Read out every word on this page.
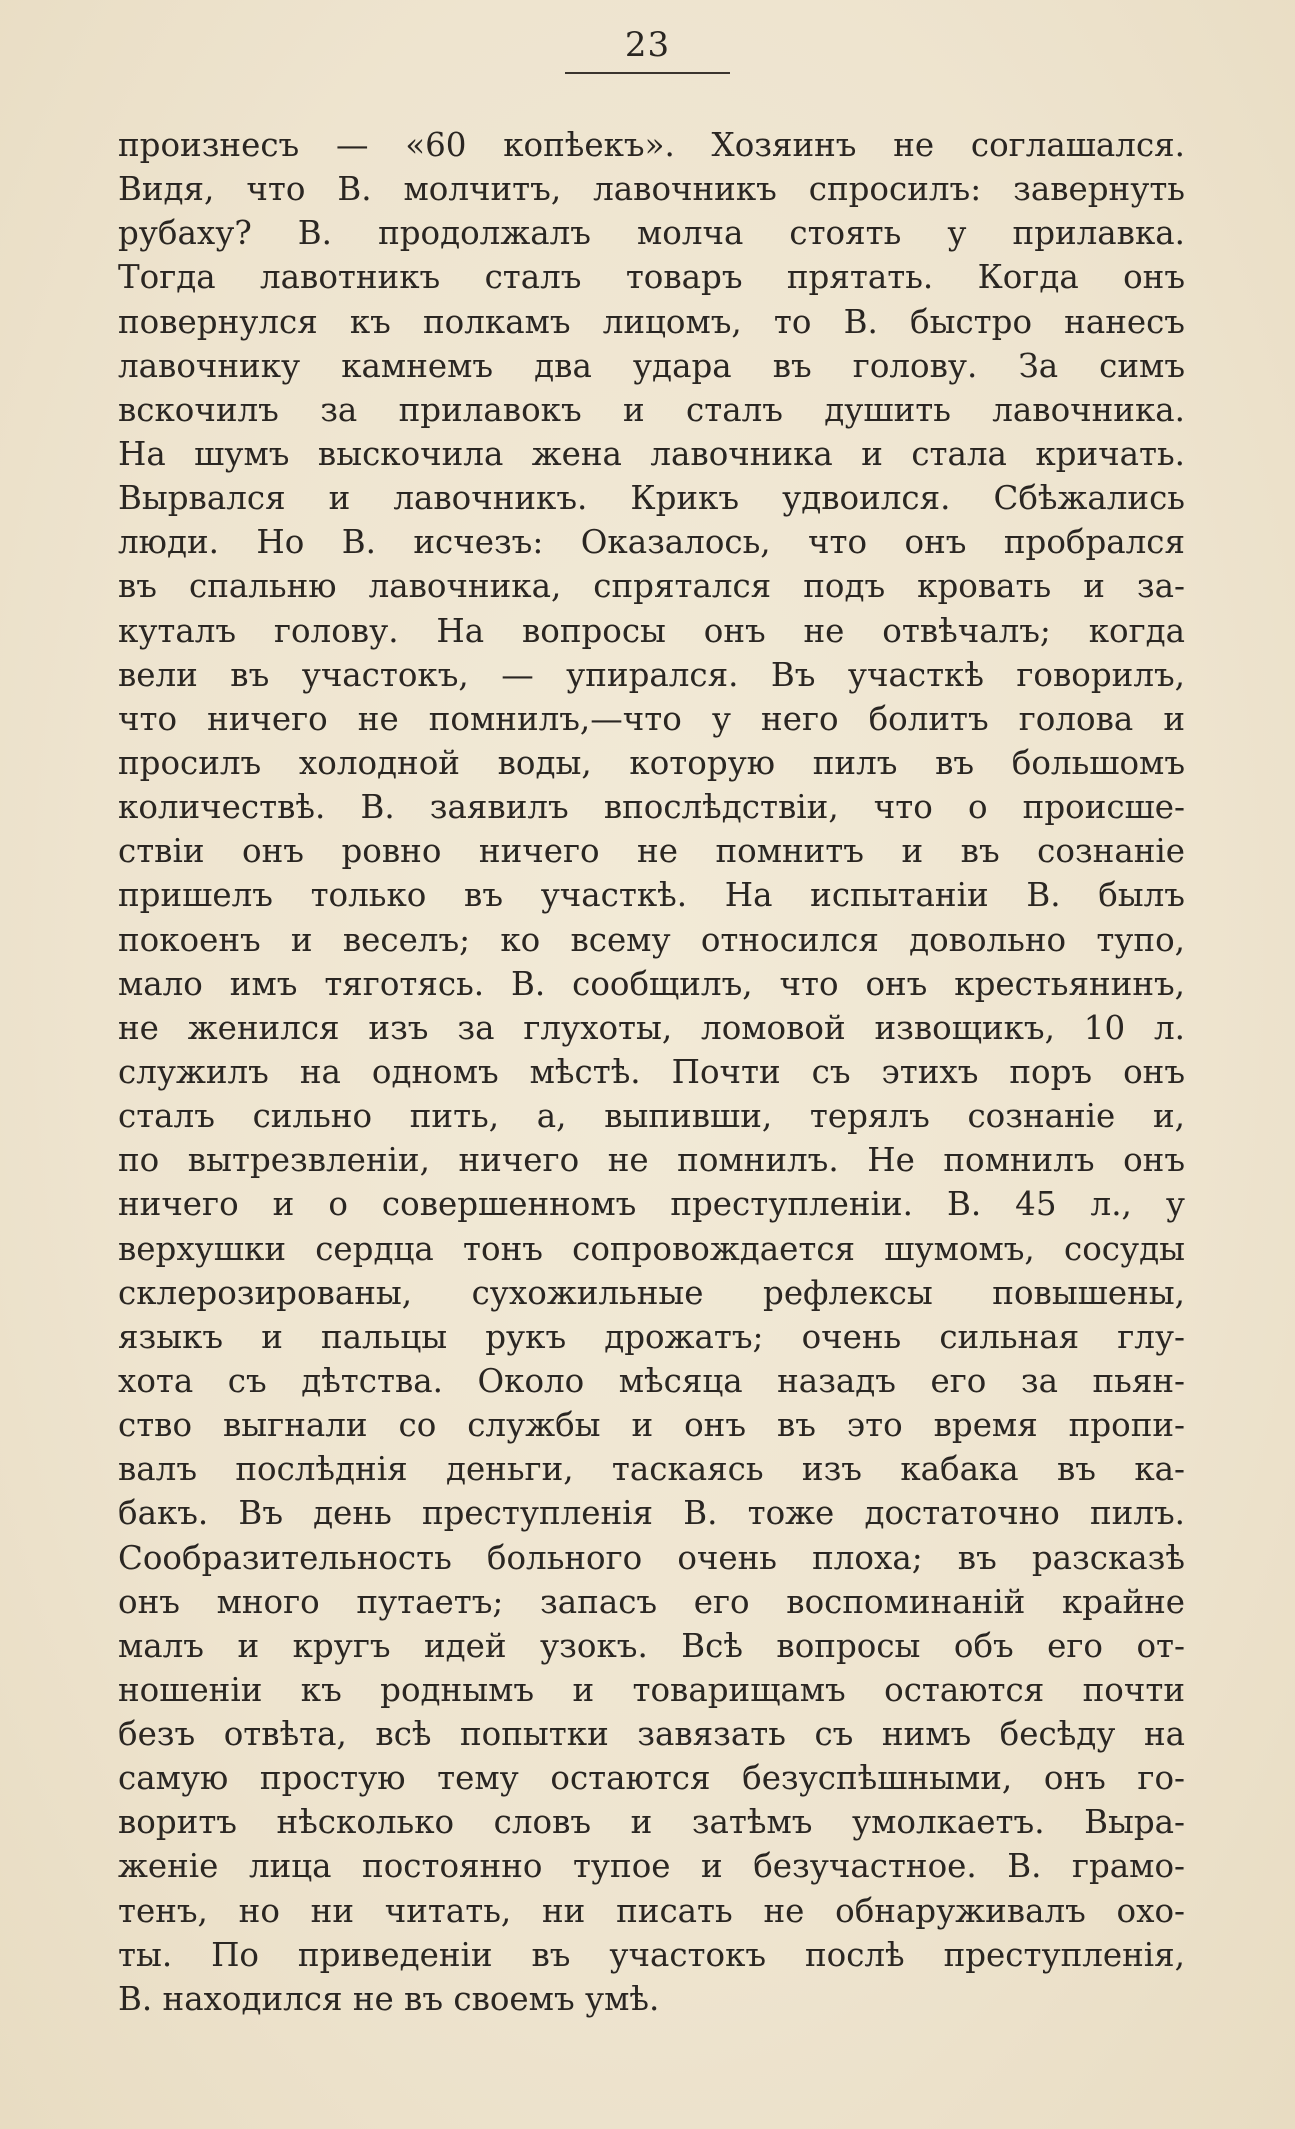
23
произнесъ — «60 копѣекъ». Хозяинъ не соглашался.
Видя, что В. молчитъ, лавочникъ спросилъ: завернуть
рубаху? В. продолжалъ молча стоять у прилавка.
Тогда лавотникъ сталъ товаръ прятать. Когда онъ
повернулся къ полкамъ лицомъ, то В. быстро нанесъ
лавочнику камнемъ два удара въ голову. За симъ
вскочилъ за прилавокъ и сталъ душить лавочника.
На шумъ выскочила жена лавочника и стала кричать.
Вырвался и лавочникъ. Крикъ удвоился. Сбѣжались
люди. Но В. исчезъ: Оказалось, что онъ пробрался
въ спальню лавочника, спрятался подъ кровать и за-
куталъ голову. На вопросы онъ не отвѣчалъ; когда
вели въ участокъ, — упирался. Въ участкѣ говорилъ,
что ничего не помнилъ,—что у него болитъ голова и
просилъ холодной воды, которую пилъ въ большомъ
количествѣ. В. заявилъ впослѣдствіи, что о происше-
ствіи онъ ровно ничего не помнитъ и въ сознаніе
пришелъ только въ участкѣ. На испытаніи В. былъ
покоенъ и веселъ; ко всему относился довольно тупо,
мало имъ тяготясь. В. сообщилъ, что онъ крестьянинъ,
не женился изъ за глухоты, ломовой извощикъ, 10 л.
служилъ на одномъ мѣстѣ. Почти съ этихъ поръ онъ
сталъ сильно пить, а, выпивши, терялъ сознаніе и,
по вытрезвленіи, ничего не помнилъ. Не помнилъ онъ
ничего и о совершенномъ преступленіи. В. 45 л., у
верхушки сердца тонъ сопровождается шумомъ, сосуды
склерозированы, сухожильные рефлексы повышены,
языкъ и пальцы рукъ дрожатъ; очень сильная глу-
хота съ дѣтства. Около мѣсяца назадъ его за пьян-
ство выгнали со службы и онъ въ это время пропи-
валъ послѣднія деньги, таскаясь изъ кабака въ ка-
бакъ. Въ день преступленія В. тоже достаточно пилъ.
Сообразительность больного очень плоха; въ разсказѣ
онъ много путаетъ; запасъ его воспоминаній крайне
малъ и кругъ идей узокъ. Всѣ вопросы объ его от-
ношеніи къ роднымъ и товарищамъ остаются почти
безъ отвѣта, всѣ попытки завязать съ нимъ бесѣду на
самую простую тему остаются безуспѣшными, онъ го-
воритъ нѣсколько словъ и затѣмъ умолкаетъ. Выра-
женіе лица постоянно тупое и безучастное. В. грамо-
тенъ, но ни читать, ни писать не обнаруживалъ охо-
ты. По приведеніи въ участокъ послѣ преступленія,
В. находился не въ своемъ умѣ.
